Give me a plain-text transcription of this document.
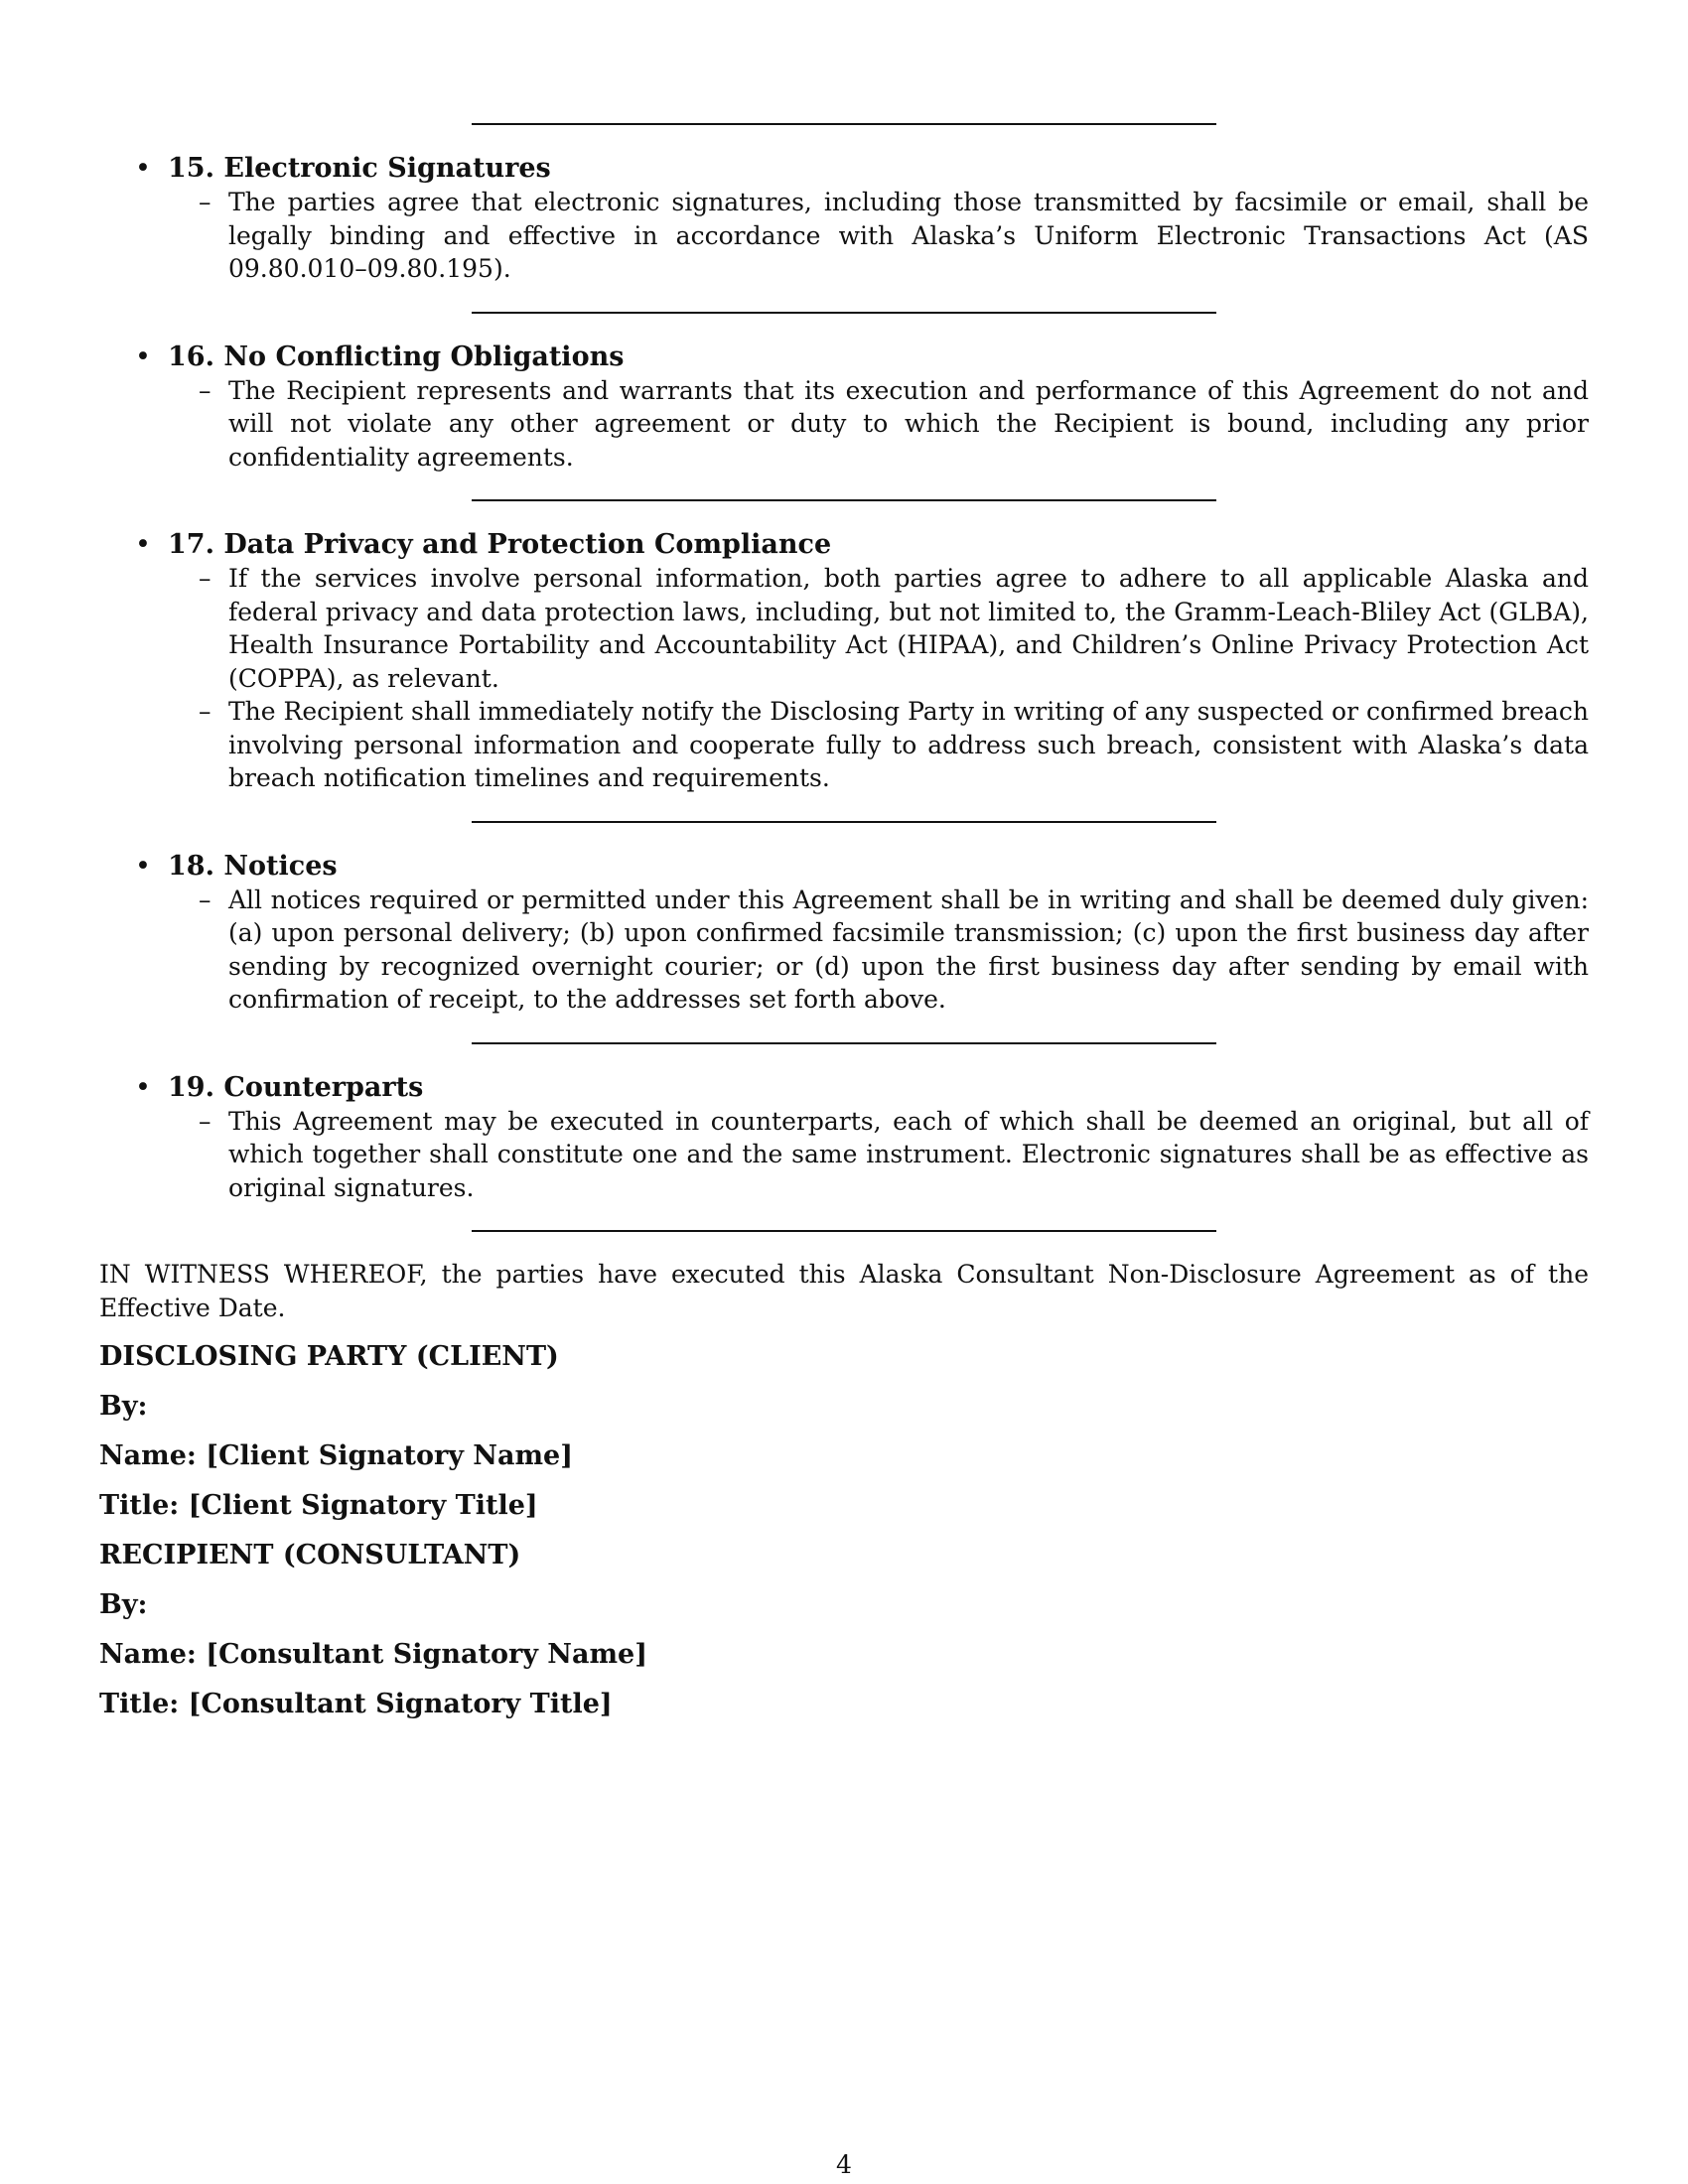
• 15. Electronic Signatures
– The parties agree that electronic signatures, including those transmitted by facsimile or email, shall be legally binding and effective in accordance with Alaska’s Uniform Electronic Transactions Act (AS 09.80.010–09.80.195).
• 16. No Conflicting Obligations
– The Recipient represents and warrants that its execution and performance of this Agreement do not and will not violate any other agreement or duty to which the Recipient is bound, including any prior confidentiality agreements.
• 17. Data Privacy and Protection Compliance
– If the services involve personal information, both parties agree to adhere to all applicable Alaska and federal privacy and data protection laws, including, but not limited to, the Gramm-Leach-Bliley Act (GLBA), Health Insurance Portability and Accountability Act (HIPAA), and Children’s Online Privacy Protection Act (COPPA), as relevant.
– The Recipient shall immediately notify the Disclosing Party in writing of any suspected or confirmed breach involving personal information and cooperate fully to address such breach, consistent with Alaska’s data breach notification timelines and requirements.
• 18. Notices
– All notices required or permitted under this Agreement shall be in writing and shall be deemed duly given: (a) upon personal delivery; (b) upon confirmed facsimile transmission; (c) upon the first business day after sending by recognized overnight courier; or (d) upon the first business day after sending by email with confirmation of receipt, to the addresses set forth above.
• 19. Counterparts
– This Agreement may be executed in counterparts, each of which shall be deemed an original, but all of which together shall constitute one and the same instrument. Electronic signatures shall be as effective as original signatures.
IN WITNESS WHEREOF, the parties have executed this Alaska Consultant Non-Disclosure Agreement as of the Effective Date.
DISCLOSING PARTY (CLIENT)
By:
Name: [Client Signatory Name]
Title: [Client Signatory Title]
RECIPIENT (CONSULTANT)
By:
Name: [Consultant Signatory Name]
Title: [Consultant Signatory Title]
4
